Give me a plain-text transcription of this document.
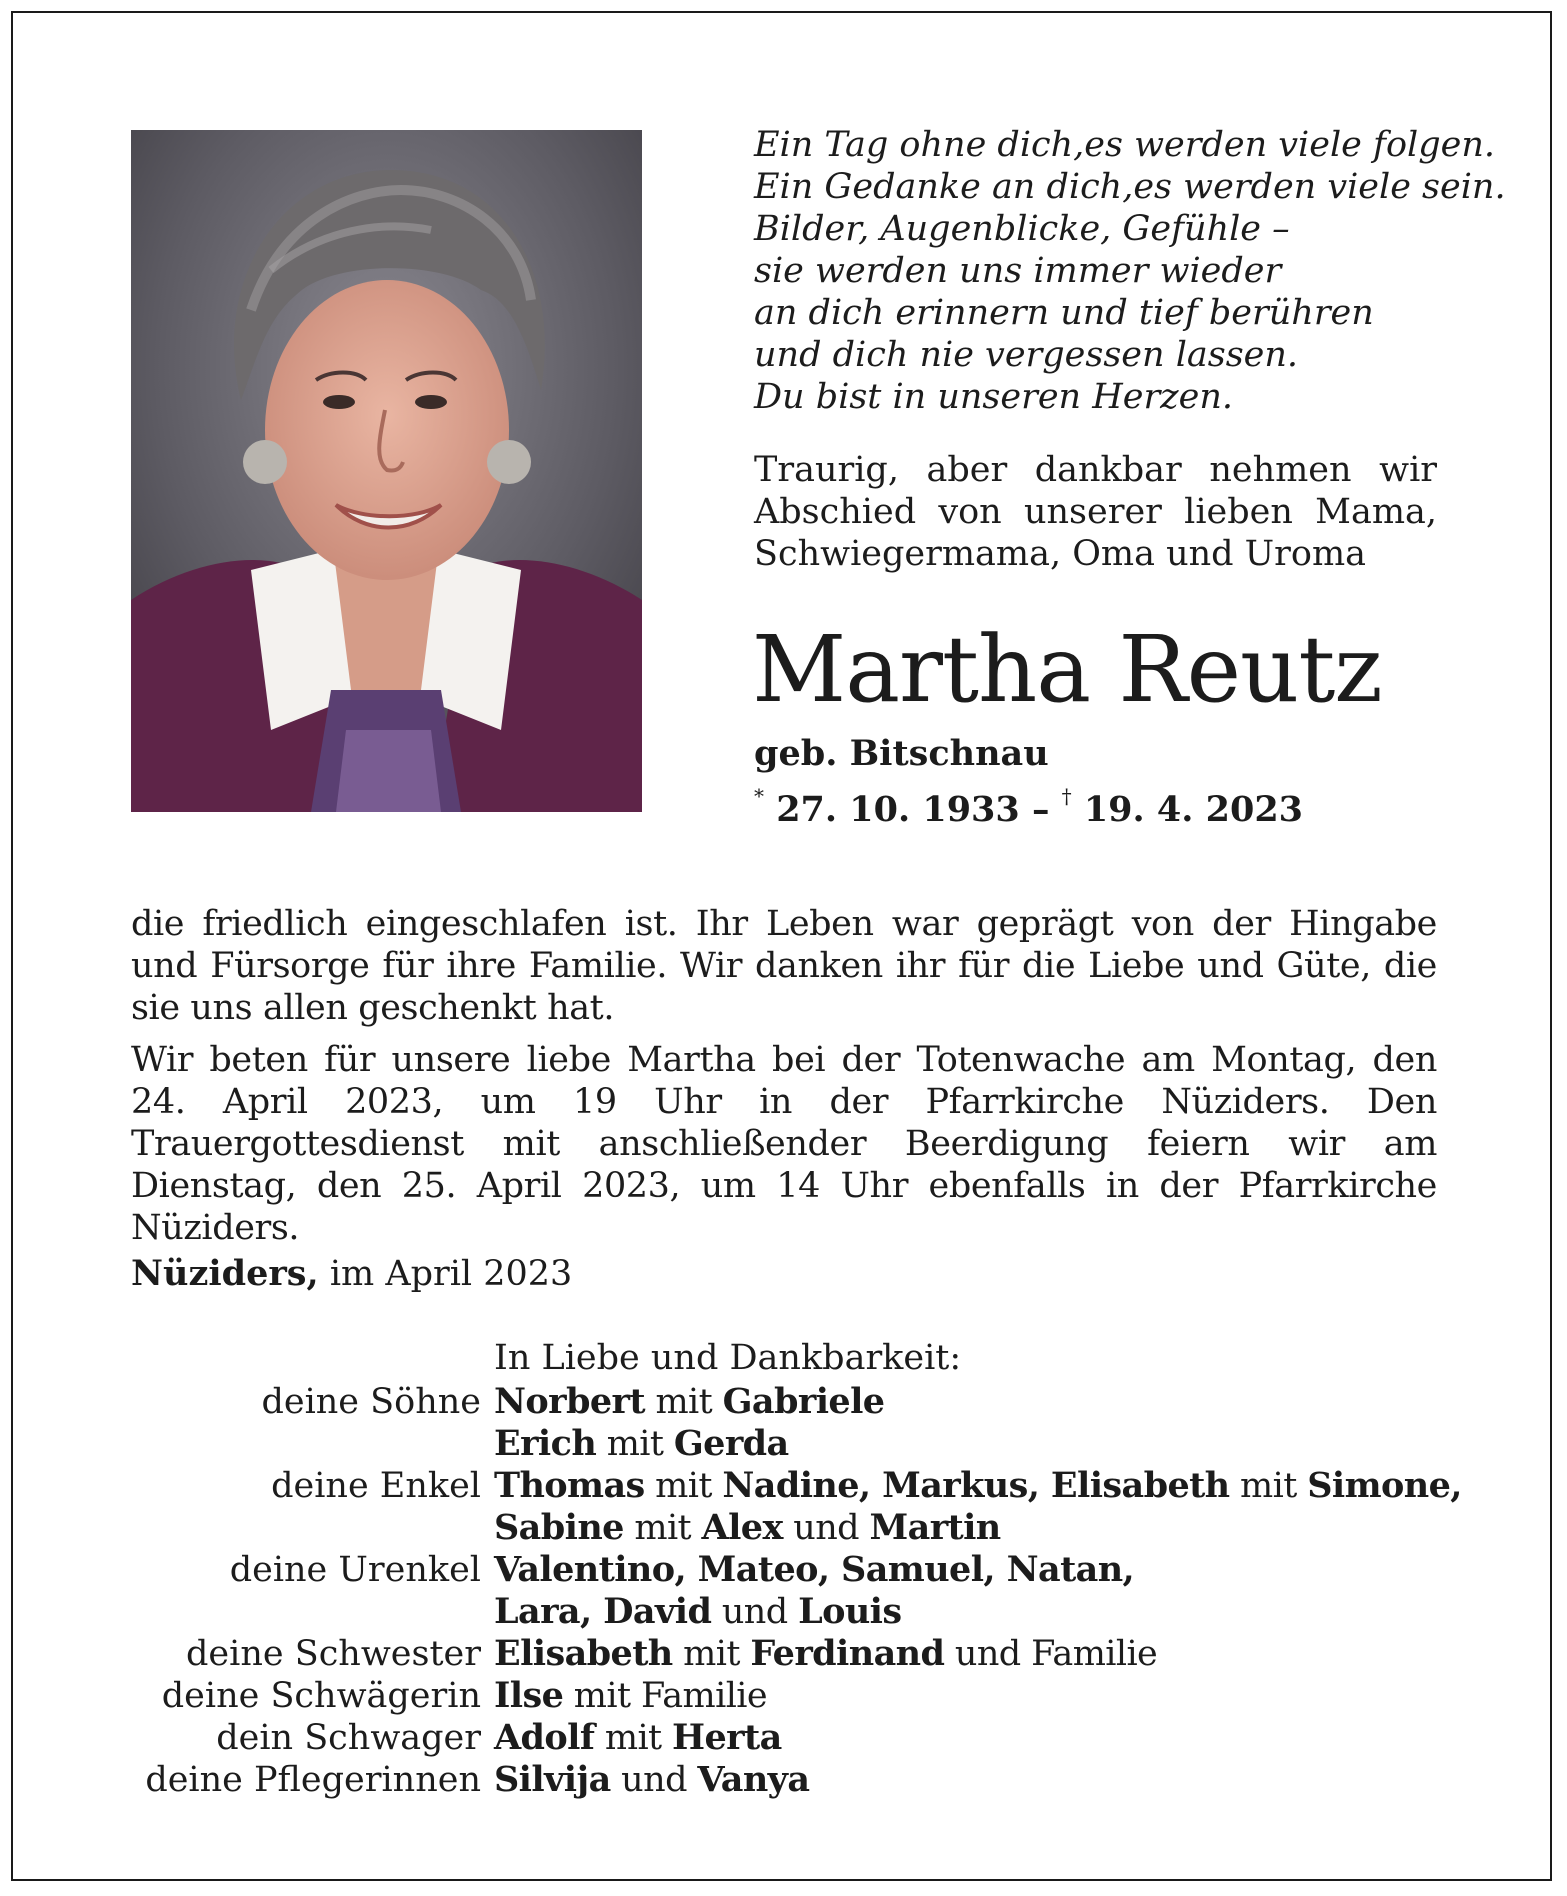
Ein Tag ohne dich,es werden viele folgen.
Ein Gedanke an dich,es werden viele sein.
Bilder, Augenblicke, Gefühle –
sie werden uns immer wieder
an dich erinnern und tief berühren
und dich nie vergessen lassen.
Du bist in unseren Herzen.
Traurig, aber dankbar nehmen wir Abschied von unserer lieben Mama, Schwiegermama, Oma und Uroma
Martha Reutz
geb. Bitschnau
* 27. 10. 1933 – † 19. 4. 2023

die friedlich eingeschlafen ist. Ihr Leben war geprägt von der Hingabe und Fürsorge für ihre Familie. Wir danken ihr für die Liebe und Güte, die sie uns allen geschenkt hat.

Wir beten für unsere liebe Martha bei der Totenwache am Montag, den 24. April 2023, um 19 Uhr in der Pfarrkirche Nüziders. Den Trauergottesdienst mit anschließender Beerdigung feiern wir am Dienstag, den 25. April 2023, um 14 Uhr ebenfalls in der Pfarrkirche Nüziders.

Nüziders, im April 2023
In Liebe und Dankbarkeit:
deine Söhne Norbert mit Gabriele
Erich mit Gerda
deine Enkel Thomas mit Nadine, Markus, Elisabeth mit Simone,
Sabine mit Alex und Martin
deine Urenkel Valentino, Mateo, Samuel, Natan,
Lara, David und Louis
deine Schwester Elisabeth mit Ferdinand und Familie
deine Schwägerin Ilse mit Familie
dein Schwager Adolf mit Herta
deine Pflegerinnen Silvija und Vanya
